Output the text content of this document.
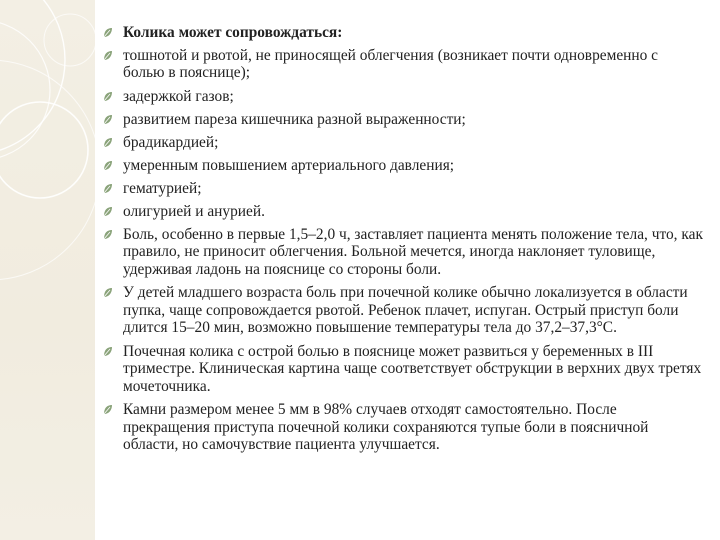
Колика может сопровождаться:
тошнотой и рвотой, не приносящей облегчения (возникает почти одновременно с болью в пояснице);
задержкой газов;
развитием пареза кишечника разной выраженности;
брадикардией;
умеренным повышением артериального давления;
гематурией;
олигурией и анурией.
Боль, особенно в первые 1,5–2,0 ч, заставляет пациента менять положение тела, что, как правило, не приносит облегчения. Больной мечется, иногда наклоняет туловище, удерживая ладонь на пояснице со стороны боли.
У детей младшего возраста боль при почечной колике обычно локализуется в области пупка, чаще сопровождается рвотой. Ребенок плачет, испуган. Острый приступ боли длится 15–20 мин, возможно повышение температуры тела до 37,2–37,3°C.
Почечная колика с острой болью в пояснице может развиться у беременных в III триместре. Клиническая картина чаще соответствует обструкции в верхних двух третях мочеточника.
Камни размером менее 5 мм в 98% случаев отходят самостоятельно. После прекращения приступа почечной колики сохраняются тупые боли в поясничной области, но самочувствие пациента улучшается.
